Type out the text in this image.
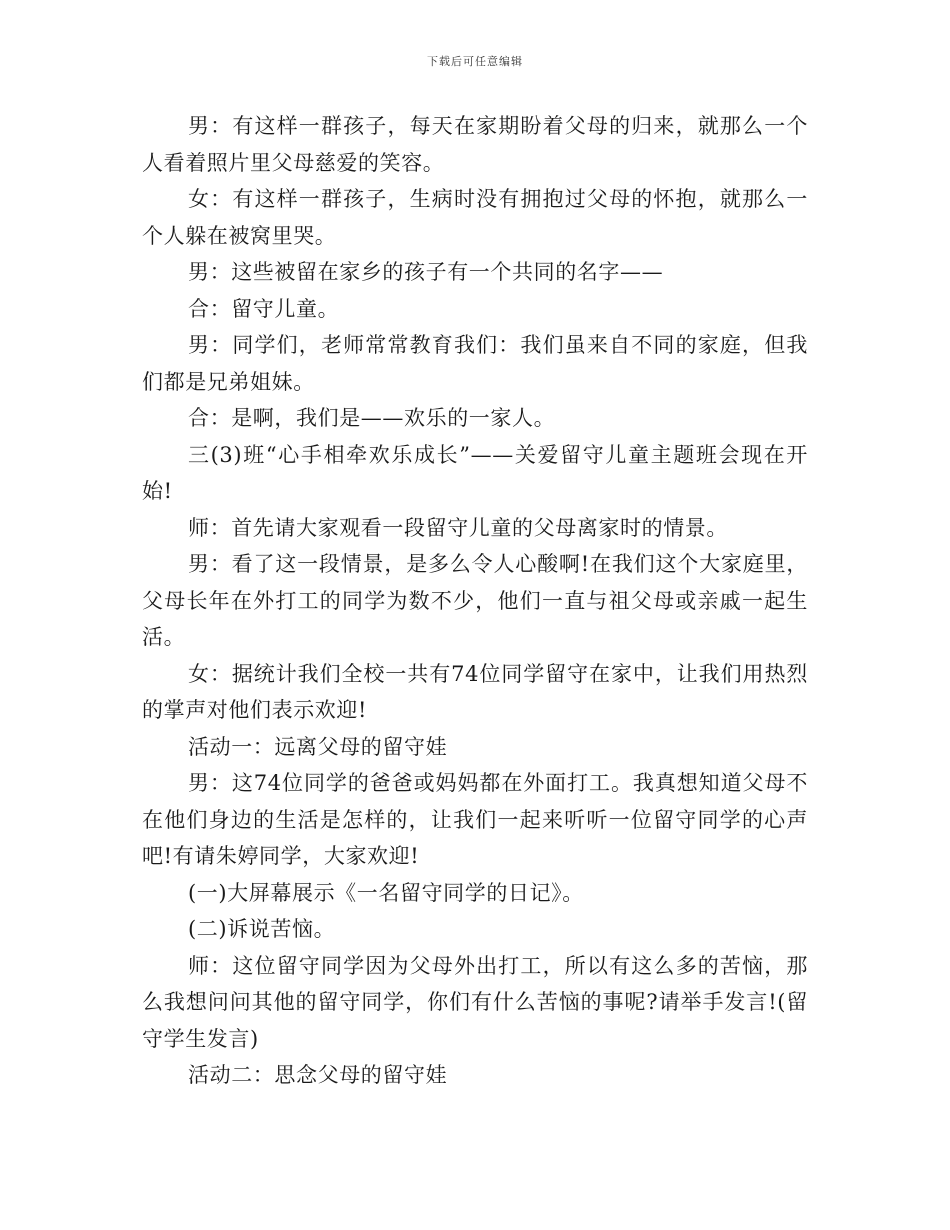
下载后可任意编辑

男：有这样一群孩子，每天在家期盼着父母的归来，就那么一个人看着照片里父母慈爱的笑容。

女：有这样一群孩子，生病时没有拥抱过父母的怀抱，就那么一个人躲在被窝里哭。

男：这些被留在家乡的孩子有一个共同的名字——

合：留守儿童。

男：同学们，老师常常教育我们：我们虽来自不同的家庭，但我们都是兄弟姐妹。

合：是啊，我们是——欢乐的一家人。

三(3)班“心手相牵欢乐成长”——关爱留守儿童主题班会现在开始!

师：首先请大家观看一段留守儿童的父母离家时的情景。

男：看了这一段情景，是多么令人心酸啊!在我们这个大家庭里，父母长年在外打工的同学为数不少，他们一直与祖父母或亲戚一起生活。

女：据统计我们全校一共有74位同学留守在家中，让我们用热烈的掌声对他们表示欢迎!

活动一：远离父母的留守娃

男：这74位同学的爸爸或妈妈都在外面打工。我真想知道父母不在他们身边的生活是怎样的，让我们一起来听听一位留守同学的心声吧!有请朱婷同学，大家欢迎!

(一)大屏幕展示《一名留守同学的日记》。

(二)诉说苦恼。

师：这位留守同学因为父母外出打工，所以有这么多的苦恼，那么我想问问其他的留守同学，你们有什么苦恼的事呢?请举手发言!(留守学生发言)

活动二：思念父母的留守娃
